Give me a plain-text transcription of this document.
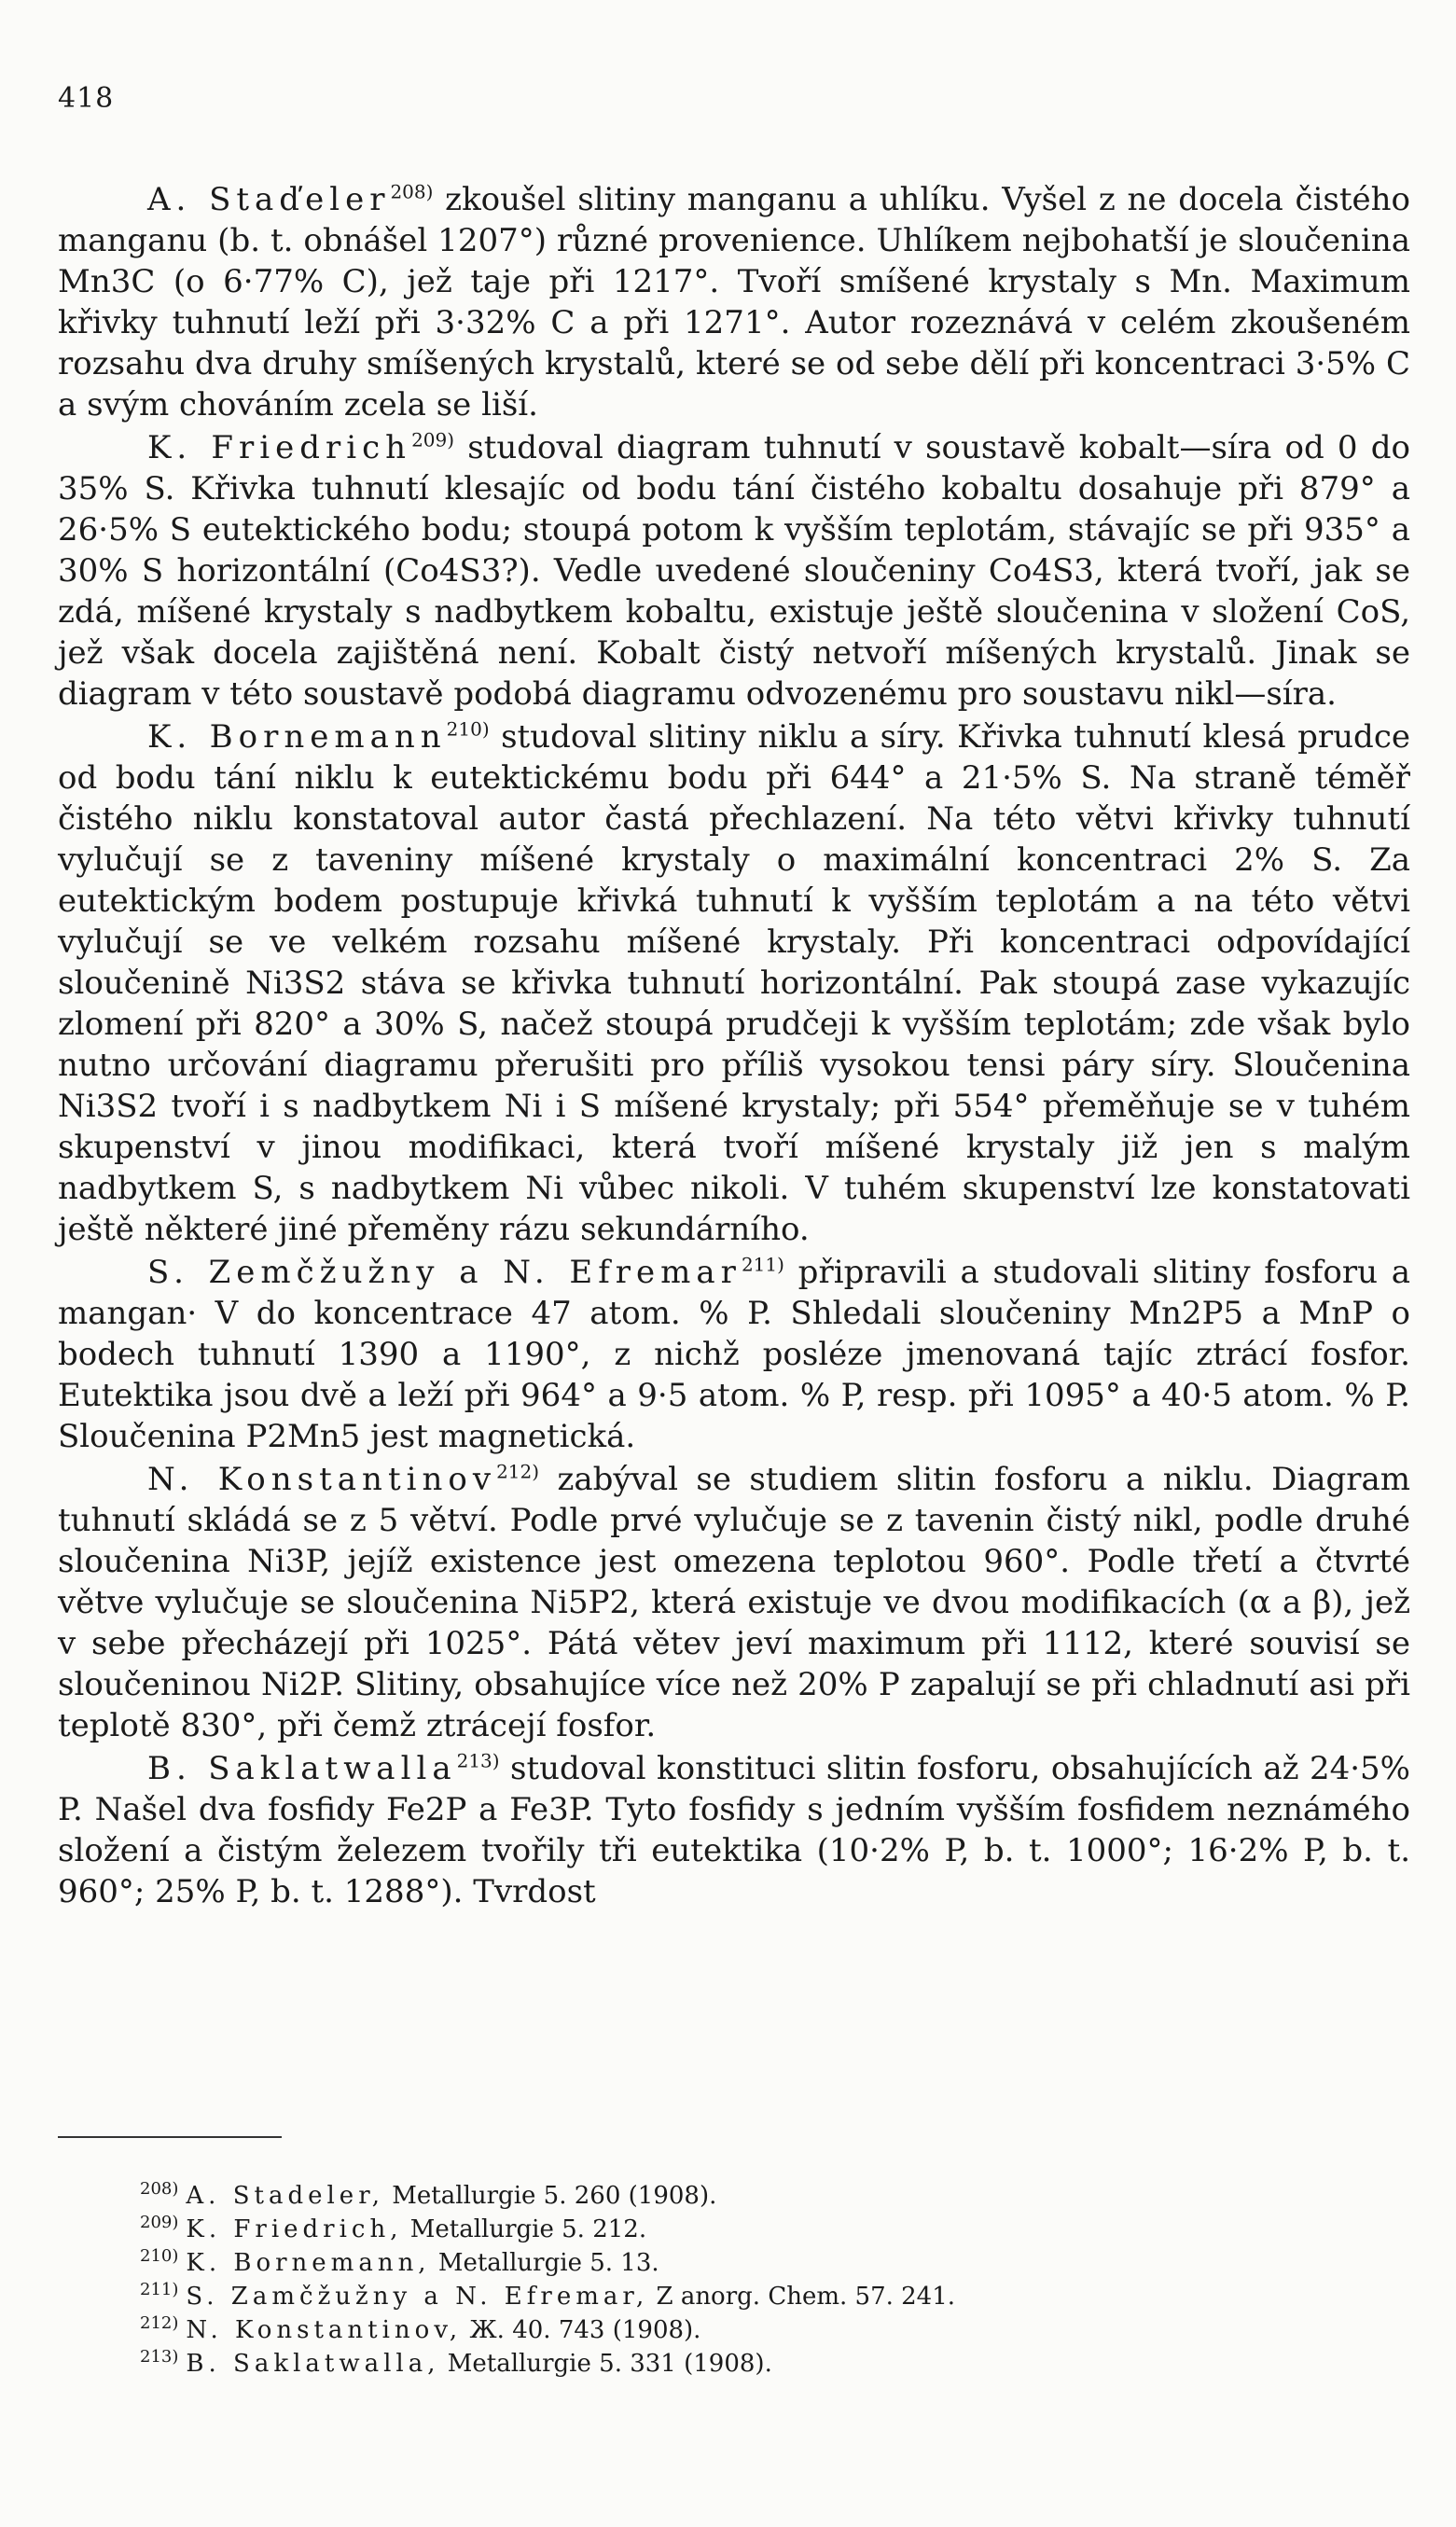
418

A. Staďeler$^{208)}$ zkoušel slitiny manganu a uhlíku. Vyšel z ne docela čistého manganu (b. t. obnášel 1207°) různé provenience. Uhlíkem nejbohatší je sloučenina Mn3C (o 6·77% C), jež taje při 1217°. Tvoří smíšené krystaly s Mn. Maximum křivky tuhnutí leží při 3·32% C a při 1271°. Autor rozeznává v celém zkoušeném rozsahu dva druhy smíšených krystalů, které se od sebe dělí při koncentraci 3·5% C a svým chováním zcela se liší.

K. Friedrich$^{209)}$ studoval diagram tuhnutí v soustavě kobalt—síra od 0 do 35% S. Křivka tuhnutí klesajíc od bodu tání čistého kobaltu dosahuje při 879° a 26·5% S eutektického bodu; stoupá potom k vyšším teplotám, stávajíc se při 935° a 30% S horizontální (Co4S3?). Vedle uvedené sloučeniny Co4S3, která tvoří, jak se zdá, míšené krystaly s nadbytkem kobaltu, existuje ještě sloučenina v složení CoS, jež však docela zajištěná není. Kobalt čistý netvoří míšených krystalů. Jinak se diagram v této soustavě podobá diagramu odvozenému pro soustavu nikl—síra.

K. Bornemann$^{210)}$ studoval slitiny niklu a síry. Křivka tuhnutí klesá prudce od bodu tání niklu k eutektickému bodu při 644° a 21·5% S. Na straně téměř čistého niklu konstatoval autor častá přechlazení. Na této větvi křivky tuhnutí vylučují se z taveniny míšené krystaly o maximální koncentraci 2% S. Za eutektickým bodem postupuje křivká tuhnutí k vyšším teplotám a na této větvi vylučují se ve velkém rozsahu míšené krystaly. Při koncentraci odpovídající sloučenině Ni3S2 stáva se křivka tuhnutí horizontální. Pak stoupá zase vykazujíc zlomení při 820° a 30% S, načež stoupá prudčeji k vyšším teplotám; zde však bylo nutno určování diagramu přerušiti pro příliš vysokou tensi páry síry. Sloučenina Ni3S2 tvoří i s nadbytkem Ni i S míšené krystaly; při 554° přeměňuje se v tuhém skupenství v jinou modifikaci, která tvoří míšené krystaly již jen s malým nadbytkem S, s nadbytkem Ni vůbec nikoli. V tuhém skupenství lze konstatovati ještě některé jiné přeměny rázu sekundárního.

S. Zemčžužny a N. Efremar$^{211)}$ připravili a studovali slitiny fosforu a mangan· V do koncentrace 47 atom. % P. Shledali sloučeniny Mn2P5 a MnP o bodech tuhnutí 1390 a 1190°, z nichž posléze jmenovaná tajíc ztrácí fosfor. Eutektika jsou dvě a leží při 964° a 9·5 atom. % P, resp. při 1095° a 40·5 atom. % P. Sloučenina P2Mn5 jest magnetická.

N. Konstantinov$^{212)}$ zabýval se studiem slitin fosforu a niklu. Diagram tuhnutí skládá se z 5 větví. Podle prvé vylučuje se z tavenin čistý nikl, podle druhé sloučenina Ni3P, jejíž existence jest omezena teplotou 960°. Podle třetí a čtvrté větve vylučuje se sloučenina Ni5P2, která existuje ve dvou modifikacích (α a β), jež v sebe přecházejí při 1025°. Pátá větev jeví maximum při 1112, které souvisí se sloučeninou Ni2P. Slitiny, obsahujíce více než 20% P zapalují se při chladnutí asi při teplotě 830°, při čemž ztrácejí fosfor.

B. Saklatwalla$^{213)}$ studoval konstituci slitin fosforu, obsahujících až 24·5% P. Našel dva fosfidy Fe2P a Fe3P. Tyto fosfidy s jedním vyšším fosfidem neznámého složení a čistým železem tvořily tři eutektika (10·2% P, b. t. 1000°; 16·2% P, b. t. 960°; 25% P, b. t. 1288°). Tvrdost

$^{208)}$ A. Stadeler, Metallurgie 5. 260 (1908).

$^{209)}$ K. Friedrich, Metallurgie 5. 212.

$^{210)}$ K. Bornemann, Metallurgie 5. 13.

$^{211)}$ S. Zamčžužny a N. Efremar, Z anorg. Chem. 57. 241.

$^{212)}$ N. Konstantinov, Ж. 40. 743 (1908).

$^{213)}$ B. Saklatwalla, Metallurgie 5. 331 (1908).
